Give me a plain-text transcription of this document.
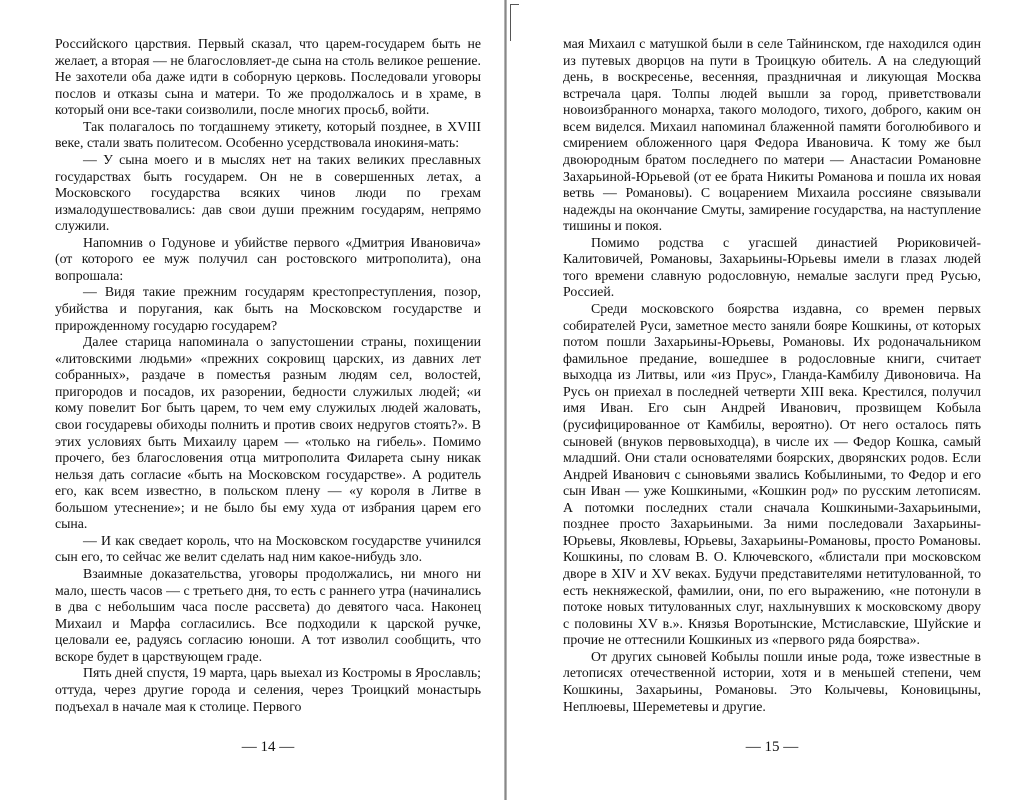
Российского царствия. Первый сказал, что царем-государем быть не желает, а вторая — не благословляет-де сына на столь великое решение. Не захотели оба даже идти в соборную церковь. Последовали уговоры послов и отказы сына и матери. То же продолжалось и в храме, в который они все-таки соизволили, после многих просьб, войти.

Так полагалось по тогдашнему этикету, который позднее, в XVIII веке, стали звать политесом. Особенно усердствовала инокиня-мать:

— У сына моего и в мыслях нет на таких великих преславных государствах быть государем. Он не в совершенных летах, а Московского государства всяких чинов люди по грехам измалодушествовались: дав свои души прежним государям, непрямо служили.

Напомнив о Годунове и убийстве первого «Дмитрия Ивановича» (от которого ее муж получил сан ростовского митрополита), она вопрошала:

— Видя такие прежним государям крестопреступления, позор, убийства и поругания, как быть на Московском государстве и прирожденному государю государем?

Далее старица напоминала о запустошении страны, похищении «литовскими людьми» «прежних сокровищ царских, из давних лет собранных», раздаче в поместья разным людям сел, волостей, пригородов и посадов, их разорении, бедности служилых людей; «и кому повелит Бог быть царем, то чем ему служилых людей жаловать, свои государевы обиходы полнить и против своих недругов стоять?». В этих условиях быть Михаилу царем — «только на гибель». Помимо прочего, без благословения отца митрополита Филарета сыну никак нельзя дать согласие «быть на Московском государстве». А родитель его, как всем известно, в польском плену — «у короля в Литве в большом утеснение»; и не было бы ему худа от избрания царем его сына.

— И как сведает король, что на Московском государстве учинился сын его, то сейчас же велит сделать над ним какое-нибудь зло.

Взаимные доказательства, уговоры продолжались, ни много ни мало, шесть часов — с третьего дня, то есть с раннего утра (начинались в два с небольшим часа после рассвета) до девятого часа. Наконец Михаил и Марфа согласились. Все подходили к царской ручке, целовали ее, радуясь согласию юноши. А тот изволил сообщить, что вскоре будет в царствующем граде.

Пять дней спустя, 19 марта, царь выехал из Костромы в Ярославль; оттуда, через другие города и селения, через Троицкий монастырь подъехал в начале мая к столице. Первого

— 14 —

мая Михаил с матушкой были в селе Тайнинском, где находился один из путевых дворцов на пути в Троицкую обитель. А на следующий день, в воскресенье, весенняя, праздничная и ликующая Москва встречала царя. Толпы людей вышли за город, приветствовали новоизбранного монарха, такого молодого, тихого, доброго, каким он всем виделся. Михаил напоминал блаженной памяти боголюбивого и смирением обложенного царя Федора Ивановича. К тому же был двоюродным братом последнего по матери — Анастасии Романовне Захарьиной-Юрьевой (от ее брата Никиты Романова и пошла их новая ветвь — Романовы). С воцарением Михаила россияне связывали надежды на окончание Смуты, замирение государства, на наступление тишины и покоя.

Помимо родства с угасшей династией Рюриковичей-Калитовичей, Романовы, Захарьины-Юрьевы имели в глазах людей того времени славную родословную, немалые заслуги пред Русью, Россией.

Среди московского боярства издавна, со времен первых собирателей Руси, заметное место заняли бояре Кошкины, от которых потом пошли Захарьины-Юрьевы, Романовы. Их родоначальником фамильное предание, вошедшее в родословные книги, считает выходца из Литвы, или «из Прус», Гланда-Камбилу Дивоновича. На Русь он приехал в последней четверти XIII века. Крестился, получил имя Иван. Его сын Андрей Иванович, прозвищем Кобыла (русифицированное от Камбилы, вероятно). От него осталось пять сыновей (внуков первовыходца), в числе их — Федор Кошка, самый младший. Они стали основателями боярских, дворянских родов. Если Андрей Иванович с сыновьями звались Кобылиными, то Федор и его сын Иван — уже Кошкиными, «Кошкин род» по русским летописям. А потомки последних стали сначала Кошкиными-Захарьиными, позднее просто Захарьиными. За ними последовали Захарьины-Юрьевы, Яковлевы, Юрьевы, Захарьины-Романовы, просто Романовы. Кошкины, по словам В. О. Ключевского, «блистали при московском дворе в XIV и XV веках. Будучи представителями нетитулованной, то есть некняжеской, фамилии, они, по его выражению, «не потонули в потоке новых титулованных слуг, нахлынувших к московскому двору с половины XV в.». Князья Воротынские, Мстиславские, Шуйские и прочие не оттеснили Кошкиных из «первого ряда боярства».

От других сыновей Кобылы пошли иные рода, тоже известные в летописях отечественной истории, хотя и в меньшей степени, чем Кошкины, Захарьины, Романовы. Это Колычевы, Коновицыны, Неплюевы, Шереметевы и другие.

— 15 —
